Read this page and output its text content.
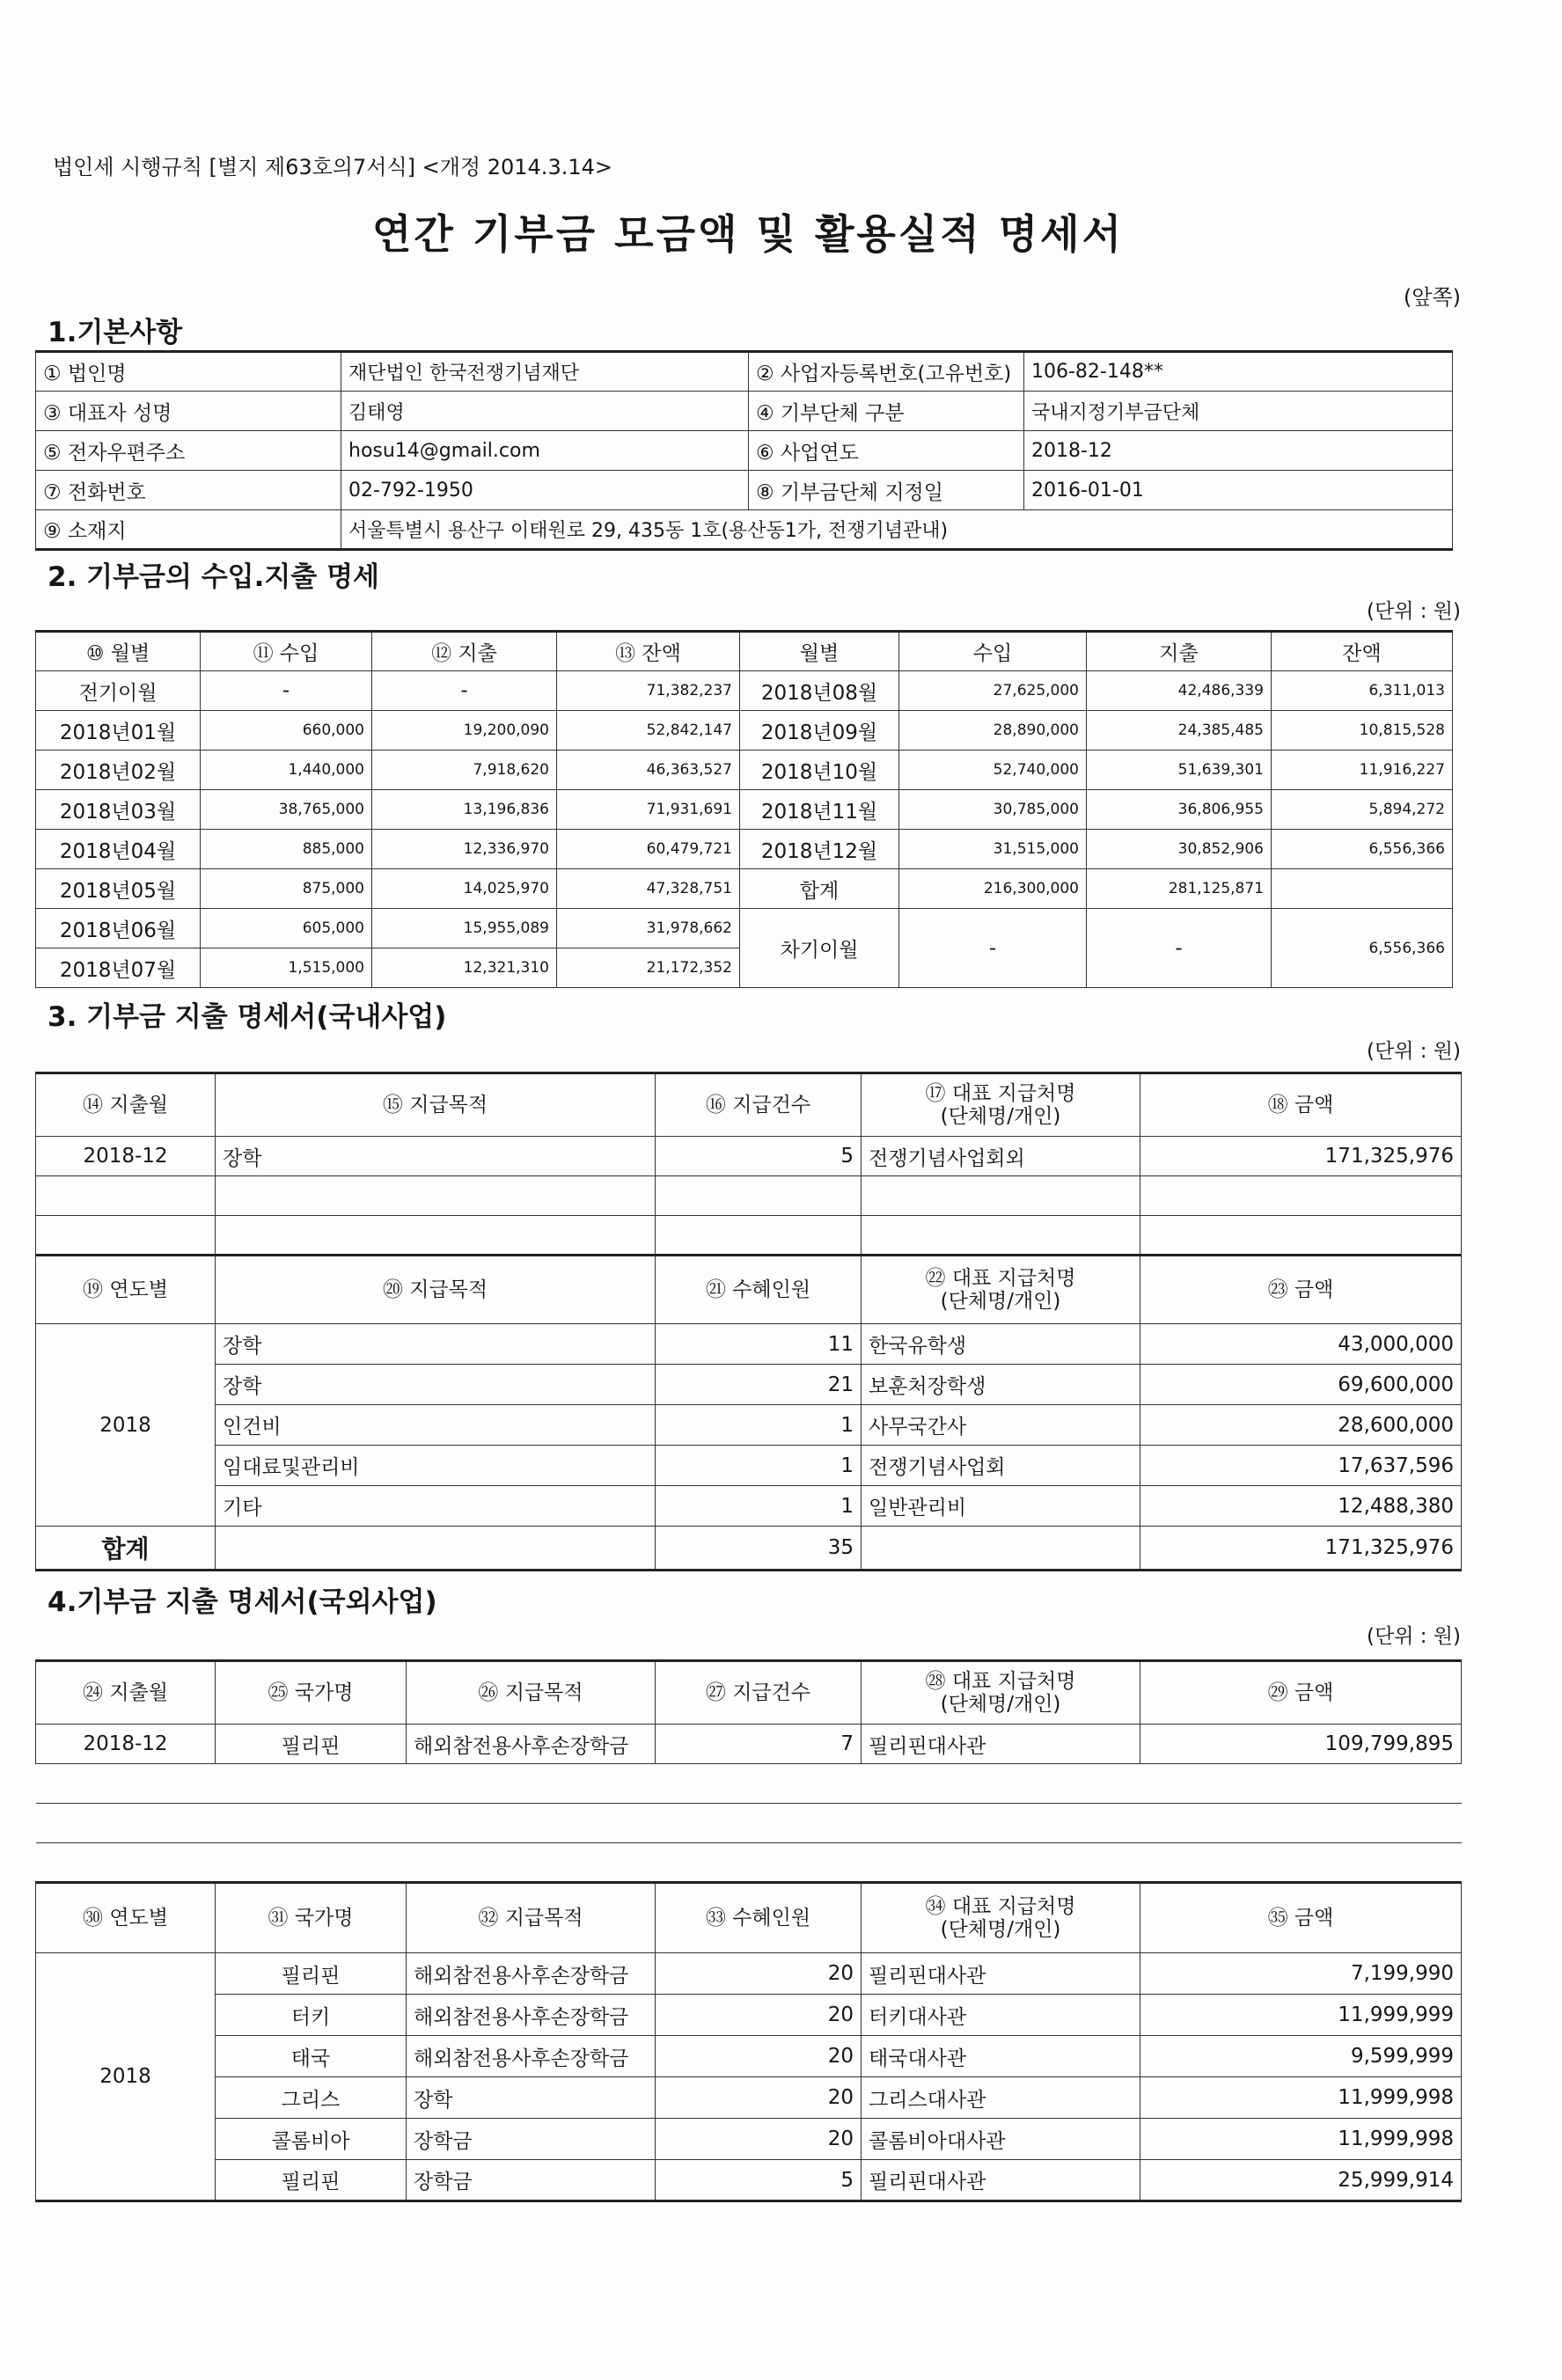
법인세 시행규칙 [별지 제63호의7서식] <개정 2014.3.14>
연간 기부금 모금액 및 활용실적 명세서
(앞쪽)
1.기본사항
① 법인명	재단법인 한국전쟁기념재단	② 사업자등록번호(고유번호)	106-82-148**
③ 대표자 성명	김태영	④ 기부단체 구분	국내지정기부금단체
⑤ 전자우편주소	hosu14@gmail.com	⑥ 사업연도	2018-12
⑦ 전화번호	02-792-1950	⑧ 기부금단체 지정일	2016-01-01
⑨ 소재지	서울특별시 용산구 이태원로 29, 435동 1호(용산동1가, 전쟁기념관내)		
2. 기부금의 수입.지출 명세
(단위 : 원)
⑩ 월별	⑪ 수입	⑫ 지출	⑬ 잔액	월별	수입	지출	잔액
전기이월	-	-	71,382,237	2018년08월	27,625,000	42,486,339	6,311,013
2018년01월	660,000	19,200,090	52,842,147	2018년09월	28,890,000	24,385,485	10,815,528
2018년02월	1,440,000	7,918,620	46,363,527	2018년10월	52,740,000	51,639,301	11,916,227
2018년03월	38,765,000	13,196,836	71,931,691	2018년11월	30,785,000	36,806,955	5,894,272
2018년04월	885,000	12,336,970	60,479,721	2018년12월	31,515,000	30,852,906	6,556,366
2018년05월	875,000	14,025,970	47,328,751	합계	216,300,000	281,125,871	
2018년06월	605,000	15,955,089	31,978,662	차기이월	-	-	6,556,366
2018년07월	1,515,000	12,321,310	21,172,352				
3. 기부금 지출 명세서(국내사업)
(단위 : 원)
⑭ 지출월	⑮ 지급목적	⑯ 지급건수	⑰ 대표 지급처명
(단체명/개인)	⑱ 금액
2018-12	장학	5	전쟁기념사업회외	171,325,976

⑲ 연도별	⑳ 지급목적	㉑ 수혜인원	㉒ 대표 지급처명
(단체명/개인)	㉓ 금액
2018	장학	11	한국유학생	43,000,000
	장학	21	보훈처장학생	69,600,000
	인건비	1	사무국간사	28,600,000
	임대료및관리비	1	전쟁기념사업회	17,637,596
	기타	1	일반관리비	12,488,380
합계		35		171,325,976
4.기부금 지출 명세서(국외사업)
(단위 : 원)
㉔ 지출월	㉕ 국가명	㉖ 지급목적	㉗ 지급건수	㉘ 대표 지급처명
(단체명/개인)	㉙ 금액
2018-12	필리핀	해외참전용사후손장학금	7	필리핀대사관	109,799,895

㉚ 연도별	㉛ 국가명	㉜ 지급목적	㉝ 수혜인원	㉞ 대표 지급처명
(단체명/개인)	㉟ 금액
2018	필리핀	해외참전용사후손장학금	20	필리핀대사관	7,199,990
	터키	해외참전용사후손장학금	20	터키대사관	11,999,999
	태국	해외참전용사후손장학금	20	태국대사관	9,599,999
	그리스	장학	20	그리스대사관	11,999,998
	콜롬비아	장학금	20	콜롬비아대사관	11,999,998
	필리핀	장학금	5	필리핀대사관	25,999,914
